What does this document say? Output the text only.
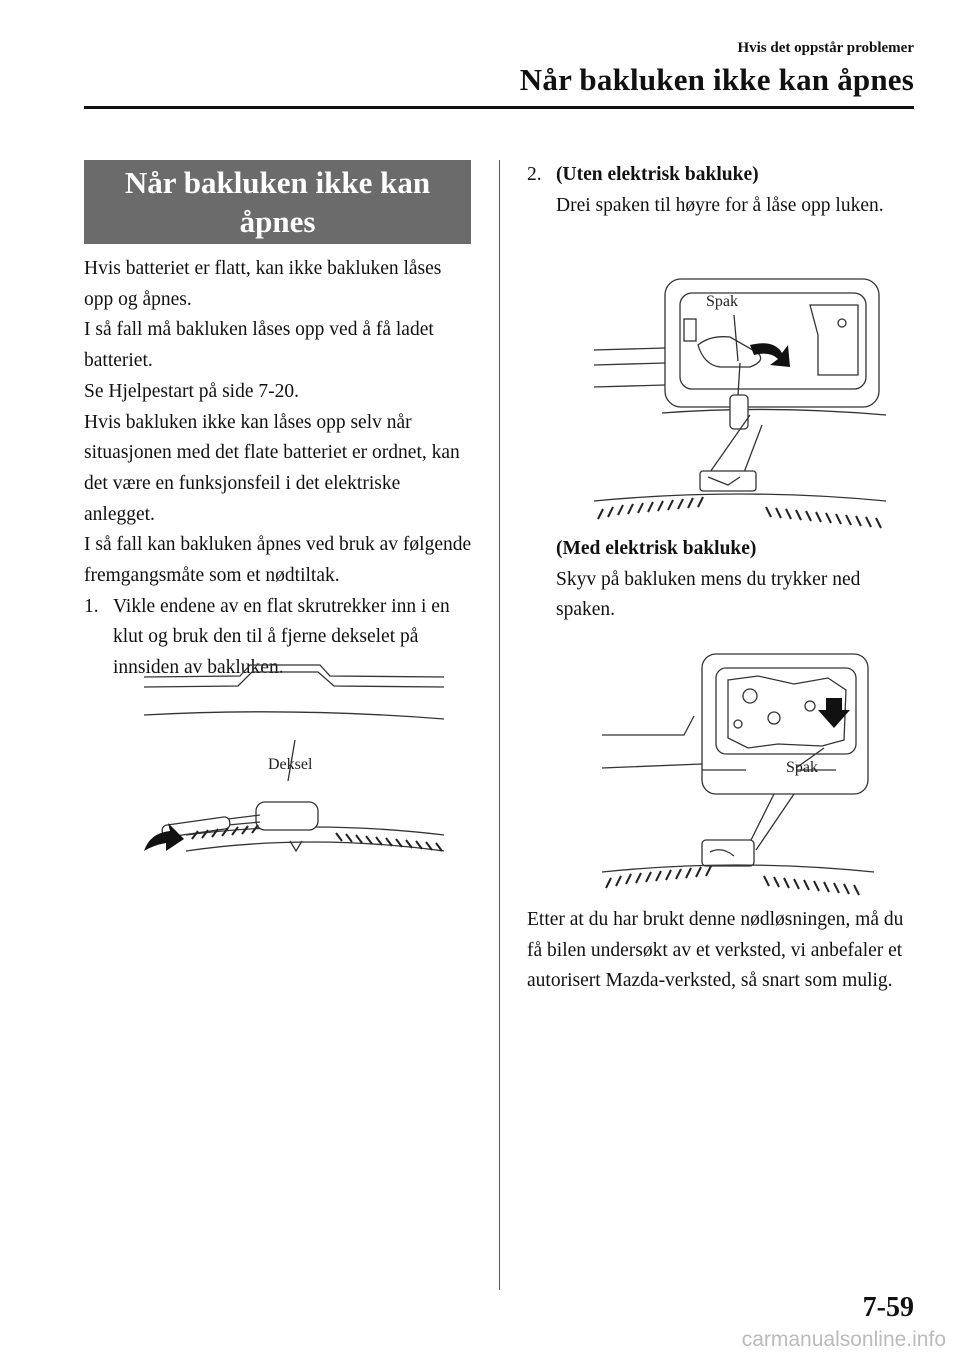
Hvis det oppstår problemer
Når bakluken ikke kan åpnes
Når bakluken ikke kan
åpnes
Hvis batteriet er flatt, kan ikke bakluken låses opp og åpnes.
I så fall må bakluken låses opp ved å få ladet batteriet.
Se Hjelpestart på side 7-20.
Hvis bakluken ikke kan låses opp selv når situasjonen med det flate batteriet er ordnet, kan det være en funksjonsfeil i det elektriske anlegget.
I så fall kan bakluken åpnes ved bruk av følgende fremgangsmåte som et nødtiltak.
1. Vikle endene av en flat skrutrekker inn i en klut og bruk den til å fjerne dekselet på innsiden av bakluken.
Deksel
2. (Uten elektrisk bakluke)
Drei spaken til høyre for å låse opp luken.
Spak
(Med elektrisk bakluke)
Skyv på bakluken mens du trykker ned spaken.
Spak
Etter at du har brukt denne nødløsningen, må du få bilen undersøkt av et verksted, vi anbefaler et autorisert Mazda-verksted, så snart som mulig.
7-59
carmanualsonline.info
